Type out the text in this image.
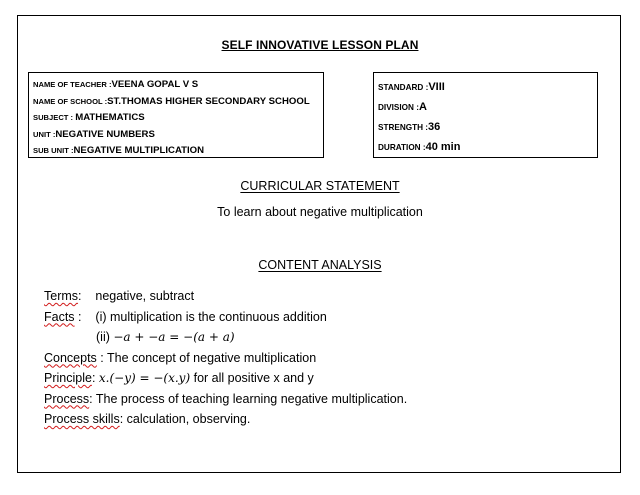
SELF INNOVATIVE LESSON PLAN
NAME OF TEACHER :VEENA GOPAL V S
NAME OF SCHOOL :ST.THOMAS HIGHER SECONDARY SCHOOL
SUBJECT : MATHEMATICS
UNIT :NEGATIVE NUMBERS
SUB UNIT :NEGATIVE MULTIPLICATION
STANDARD :VIII
DIVISION :A
STRENGTH :36
DURATION :40 min
CURRICULAR STATEMENT
To learn about negative multiplication
CONTENT ANALYSIS
Terms:    negative, subtract
Facts :    (i) multiplication is the continuous addition
(ii) −a + −a = −(a + a)
Concepts : The concept of negative multiplication
Principle: x.(−y) = −(x.y) for all positive x and y
Process: The process of teaching learning negative multiplication.
Process skills: calculation, observing.
